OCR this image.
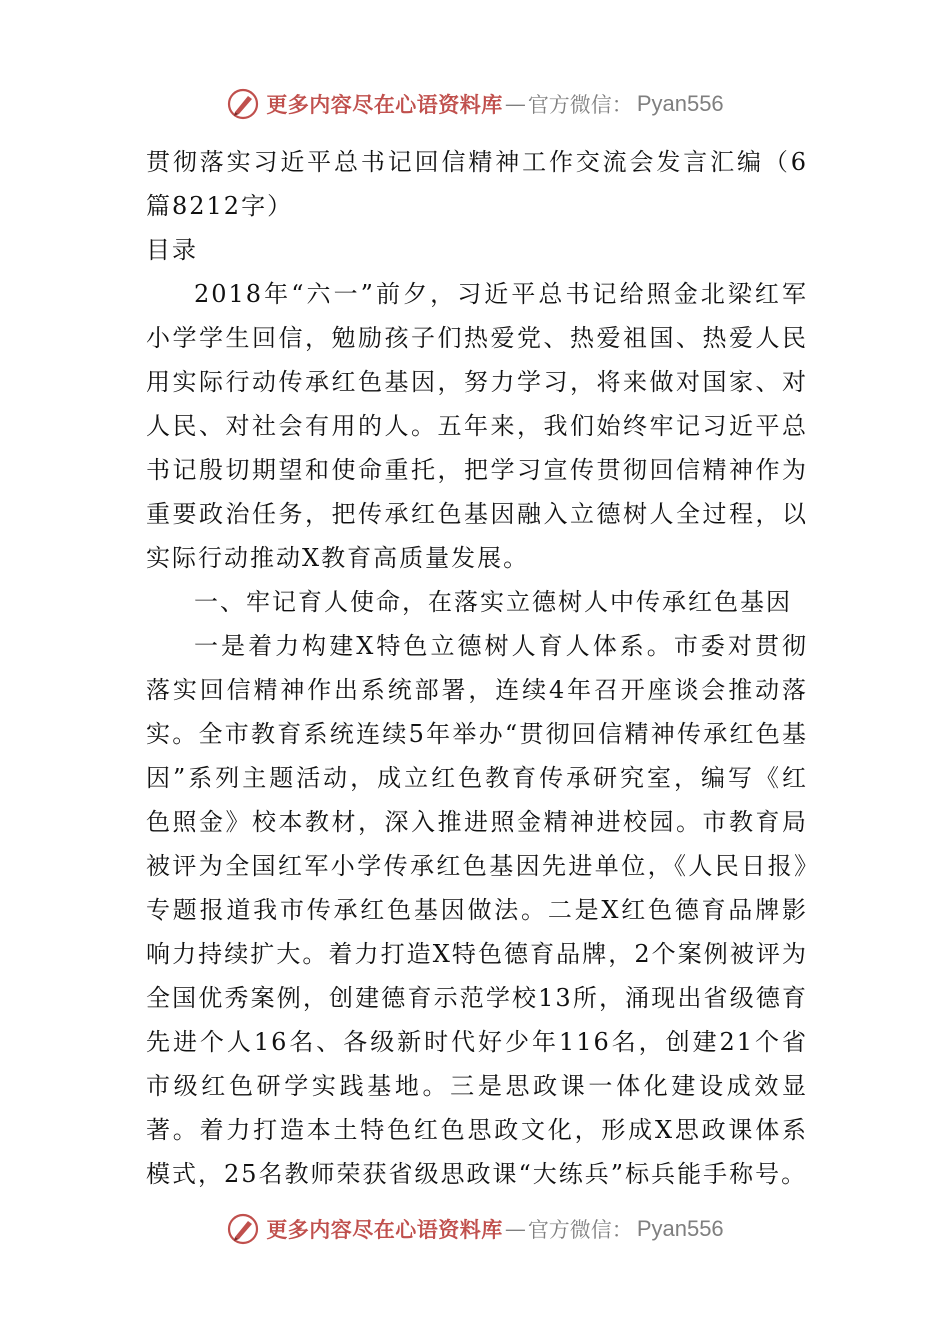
更多内容尽在心语资料库 — 官方微信： Pyan556

贯彻落实习近平总书记回信精神工作交流会发言汇编（6篇8212字）

目录

2018年“六一”前夕，习近平总书记给照金北梁红军小学学生回信，勉励孩子们热爱党、热爱祖国、热爱人民用实际行动传承红色基因，努力学习，将来做对国家、对人民、对社会有用的人。五年来，我们始终牢记习近平总书记殷切期望和使命重托，把学习宣传贯彻回信精神作为重要政治任务，把传承红色基因融入立德树人全过程，以实际行动推动X教育高质量发展。

一、牢记育人使命，在落实立德树人中传承红色基因

一是着力构建X特色立德树人育人体系。市委对贯彻落实回信精神作出系统部署，连续4年召开座谈会推动落实。全市教育系统连续5年举办“贯彻回信精神传承红色基因”系列主题活动，成立红色教育传承研究室，编写《红色照金》校本教材，深入推进照金精神进校园。市教育局被评为全国红军小学传承红色基因先进单位，《人民日报》专题报道我市传承红色基因做法。二是X红色德育品牌影响力持续扩大。着力打造X特色德育品牌，2个案例被评为全国优秀案例，创建德育示范学校13所，涌现出省级德育先进个人16名、各级新时代好少年116名，创建21个省市级红色研学实践基地。三是思政课一体化建设成效显著。着力打造本土特色红色思政文化，形成X思政课体系模式，25名教师荣获省级思政课“大练兵”标兵能手称号。

更多内容尽在心语资料库 — 官方微信： Pyan556
